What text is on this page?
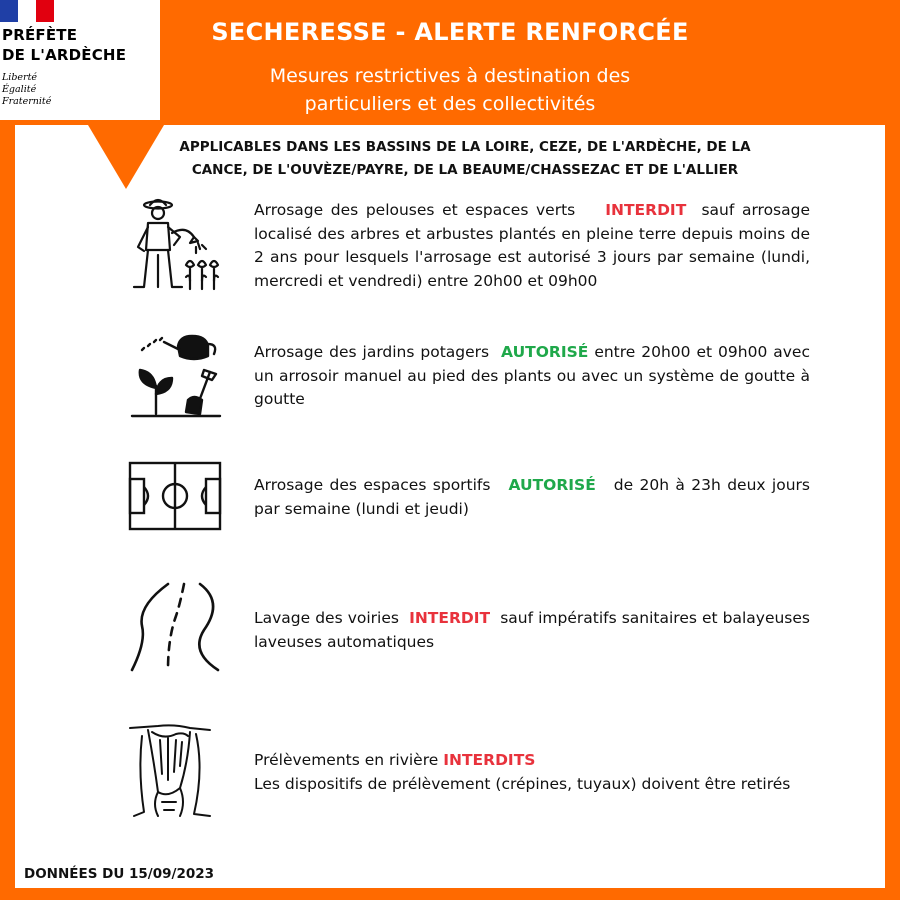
PRÉFÈTE
DE L'ARDÈCHE
Liberté
Égalité
Fraternité
SECHERESSE - ALERTE RENFORCÉE
Mesures restrictives à destination des
particuliers et des collectivités
APPLICABLES DANS LES BASSINS DE LA LOIRE, CEZE, DE L'ARDÈCHE, DE LA
CANCE, DE L'OUVÈZE/PAYRE, DE LA BEAUME/CHASSEZAC ET DE L'ALLIER
Arrosage des pelouses et espaces verts INTERDIT sauf arrosage localisé des arbres et arbustes plantés en pleine terre depuis moins de 2 ans pour lesquels l'arrosage est autorisé 3 jours par semaine (lundi, mercredi et vendredi) entre 20h00 et 09h00
Arrosage des jardins potagers AUTORISÉ entre 20h00 et 09h00 avec un arrosoir manuel au pied des plants ou avec un système de goutte à goutte
Arrosage des espaces sportifs AUTORISÉ de 20h à 23h deux jours par semaine (lundi et jeudi)
Lavage des voiries INTERDIT sauf impératifs sanitaires et balayeuses laveuses automatiques
Prélèvements en rivière INTERDITS
Les dispositifs de prélèvement (crépines, tuyaux) doivent être retirés
DONNÉES DU 15/09/2023
